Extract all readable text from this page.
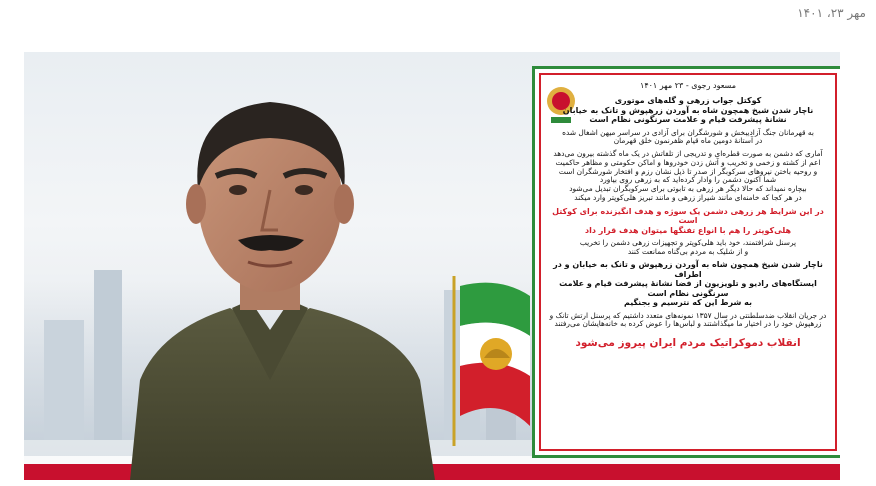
مهر ۲۳، ۱۴۰۱
مسعود رجوی - ۲۳ مهر ۱۴۰۱
کوکتل جواب زرهی و گله‌های موتوری
ناچار شدن شیخ همچون شاه به آوردن زرهپوش و تانک به خیابان
نشانهٔ پیشرفت قیام و علامت سرنگونی نظام است
به قهرمانان جنگ آزادیبخش و شورشگران برای آزادی در سراسر میهن اشغال شده
در آستانهٔ دومین ماه قیام ظفرنمون خلق قهرمان
آماری که دشمن به صورت قطره‌ای و تدریجی از تلفاتش در یک ماه گذشته بیرون می‌دهد
اعم از کشته و زخمی و تخریب و آتش زدن خودروها و اماکن حکومتی و مظاهر حاکمیت
و روحیه باختن نیروهای سرکوبگر از صدر تا ذیل نشان رزم و افتخار شورشگران است
شما اکنون دشمن را وادار کرده‌اید که به زرهی روی بیاورد
بیچاره نمیداند که حالا دیگر هر زرهی به تابوتی برای سرکوبگران تبدیل می‌شود
در هر کجا که خامنه‌ای مانند شیراز زرهی و مانند تبریز هلی‌کوپتر وارد میکند
در این شرایط هر زرهی دشمن یک سوژه و هدف انگیزنده برای کوکتل است
هلی‌کوپتر را هم با انواع تفنگها میتوان هدف قرار داد
پرسنل شرافتمند، خود باید هلی‌کوپتر و تجهیزات زرهی دشمن را تخریب
و از شلیک به مردم بی‌گناه ممانعت کنند
ناچار شدن شیخ همچون شاه به آوردن زرهپوش و تانک به خیابان و در اطراف
ایستگاه‌های رادیو و تلویزیون از فضا نشانهٔ پیشرفت قیام و علامت سرنگونی نظام است
به شرط این که نترسیم و بجنگیم
در جریان انقلاب ضدسلطنتی در سال ۱۳۵۷ نمونه‌های متعدد داشتیم که پرسنل ارتش تانک و
زرهپوش خود را در اختیار ما میگذاشتند و لباس‌ها را عوض کرده به خانه‌هایشان می‌رفتند
انقلاب دموکراتیک مردم ایران پیروز می‌شود
